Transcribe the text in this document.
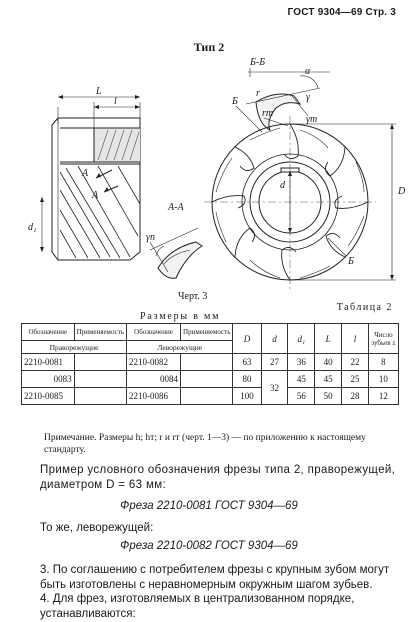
ГОСТ 9304—69 Стр. 3
Тип 2
l
L
A
A
d₁
A-A
Б-Б
α
γ
γт
γn
r
rт
Б
Б
d
D
Черт. 3
Таблица 2
Размеры в мм
Обозначение	Применяемость	Обозначение	Применяемость	D	d	d₁	L	l	Число зубьев z
Праворежущие		Леворежущие							
2210-0081		2210-0082		63	27	36	40	22	8
0083		0084		80	32	45	45	25	10
2210-0085		2210-0086		100		56	50	28	12
Примечание. Размеры h; hт; r и rт (черт. 1—3) — по приложению к настоящему стандарту.
Пример условного обозначения фрезы типа 2, праворежущей, диаметром D = 63 мм:
Фреза 2210-0081 ГОСТ 9304—69
То же, леворежущей:
Фреза 2210-0082 ГОСТ 9304—69
3. По соглашению с потребителем фрезы с крупным зубом могут быть изготовлены с неравномерным окружным шагом зубьев.
4. Для фрез, изготовляемых в централизованном порядке, устанавливаются:
